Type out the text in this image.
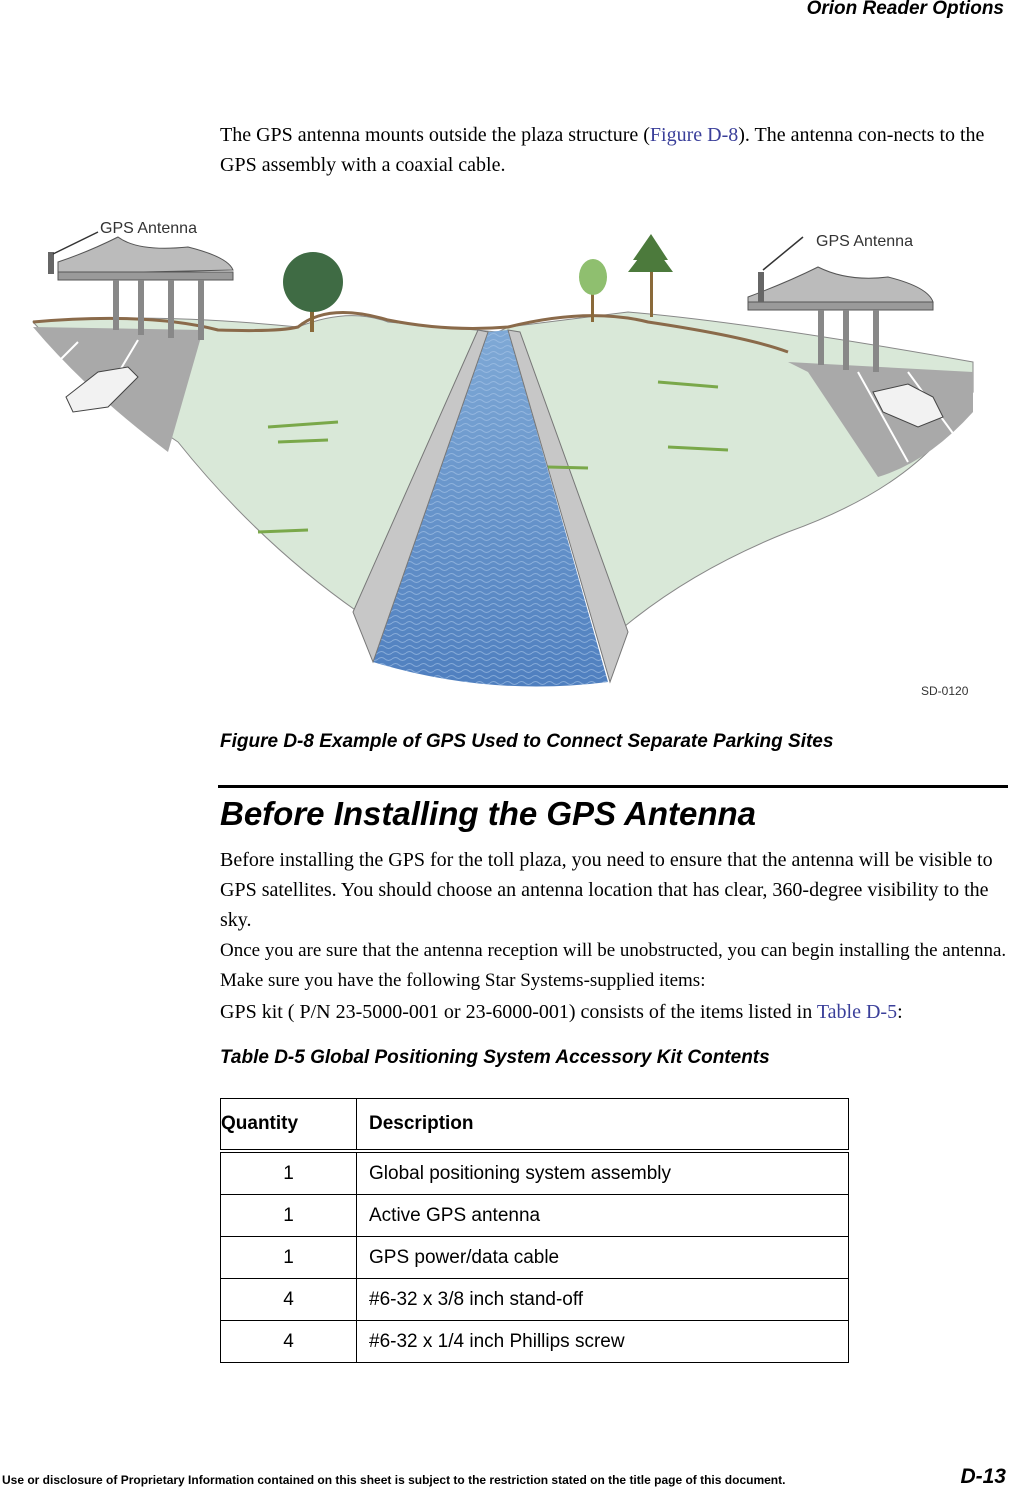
Orion Reader Options

The GPS antenna mounts outside the plaza structure (Figure D-8). The antenna con-nects to the GPS assembly with a coaxial cable.

GPS Antenna
GPS Antenna
SD-0120
Figure D-8 Example of GPS Used to Connect Separate Parking Sites
Before Installing the GPS Antenna

Before installing the GPS for the toll plaza, you need to ensure that the antenna will be visible to GPS satellites. You should choose an antenna location that has clear, 360-degree visibility to the sky.

Once you are sure that the antenna reception will be unobstructed, you can begin installing the antenna. Make sure you have the following Star Systems-supplied items:

GPS kit ( P/N 23-5000-001 or 23-6000-001) consists of the items listed in Table D-5:

Table D-5 Global Positioning System Accessory Kit Contents
Quantity	Description
1	Global positioning system assembly
1	Active GPS antenna
1	GPS power/data cable
4	#6-32 x 3/8 inch stand-off
4	#6-32 x 1/4 inch Phillips screw
Use or disclosure of Proprietary Information contained on this sheet is subject to the restriction stated on the title page of this document.	D-13
